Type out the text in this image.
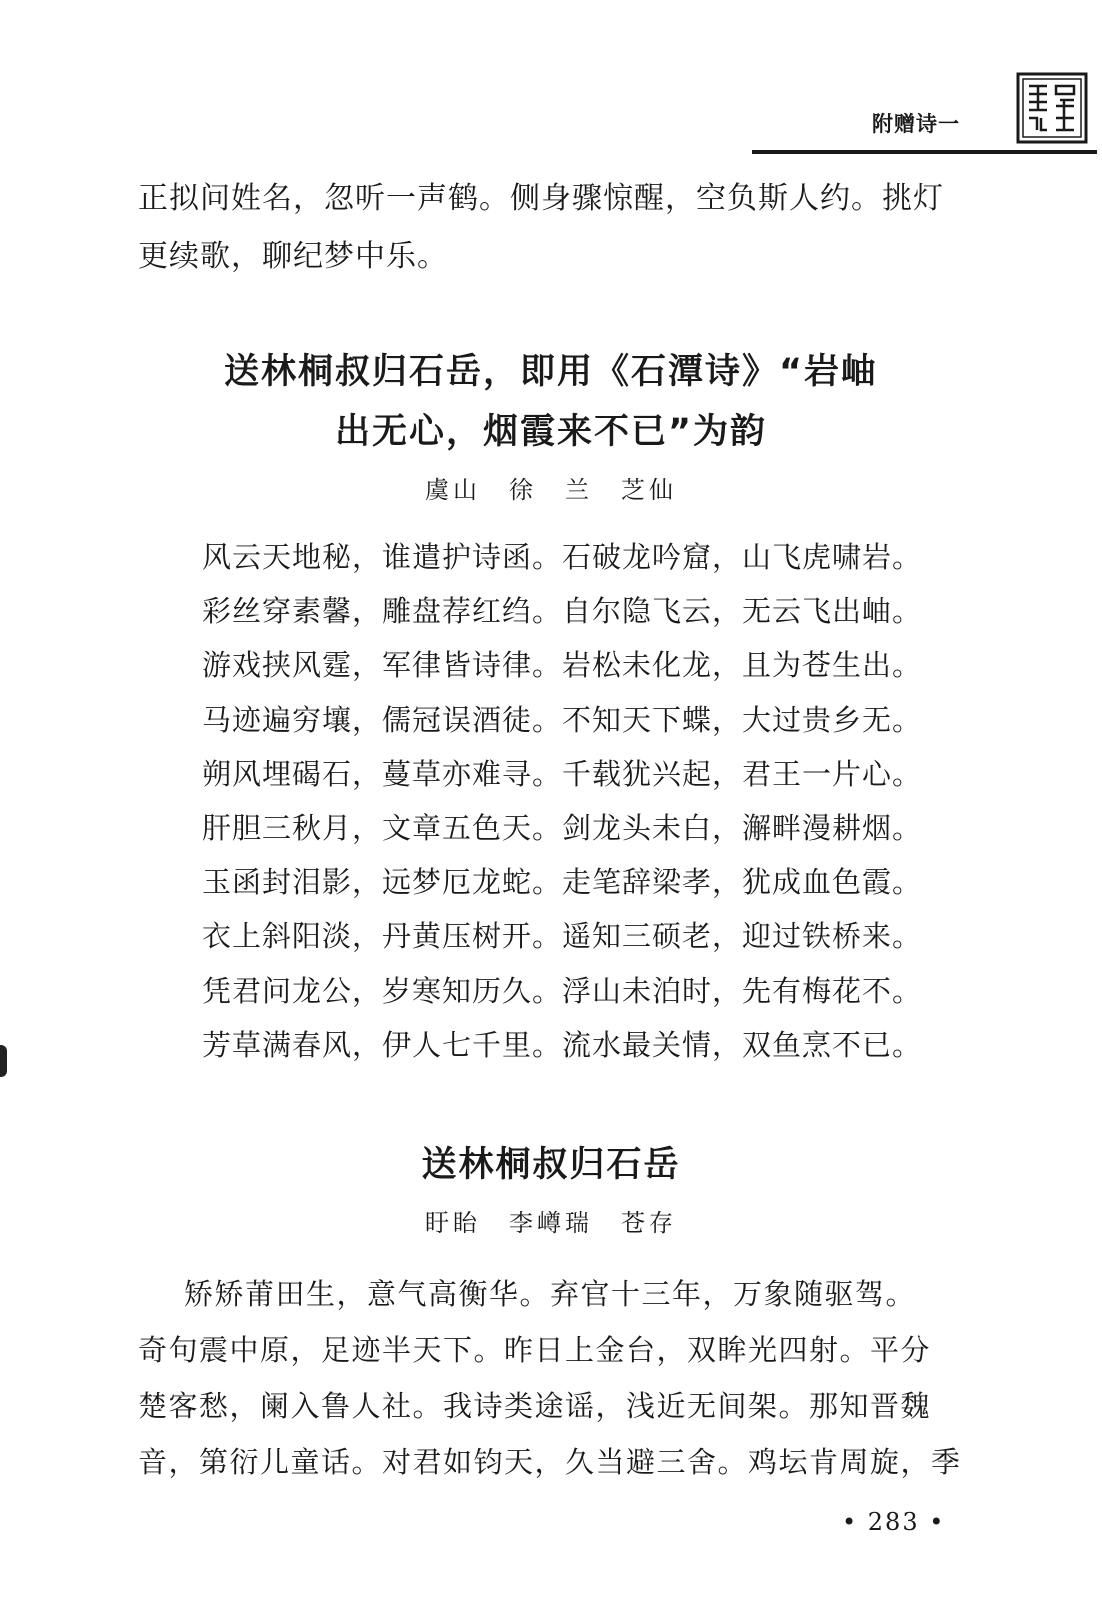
附赠诗一
正拟问姓名，忽听一声鹤。侧身骤惊醒，空负斯人约。挑灯
更续歌，聊纪梦中乐。
送林桐叔归石岳，即用《石潭诗》“岩岫
出无心，烟霞来不已”为韵
虞山 徐　兰 芝仙
风云天地秘，谁遣护诗函。石破龙吟窟，山飞虎啸岩。
彩丝穿素馨，雕盘荐红绉。自尔隐飞云，无云飞出岫。
游戏挟风霆，军律皆诗律。岩松未化龙，且为苍生出。
马迹遍穷壤，儒冠误酒徒。不知天下蝶，大过贵乡无。
朔风埋碣石，蔓草亦难寻。千载犹兴起，君王一片心。
肝胆三秋月，文章五色天。剑龙头未白，澥畔漫耕烟。
玉函封泪影，远梦厄龙蛇。走笔辞梁孝，犹成血色霞。
衣上斜阳淡，丹黄压树开。遥知三硕老，迎过铁桥来。
凭君问龙公，岁寒知历久。浮山未泊时，先有梅花不。
芳草满春风，伊人七千里。流水最关情，双鱼烹不已。
送林桐叔归石岳
盱眙 李嶟瑞 苍存
矫矫莆田生，意气高衡华。弃官十三年，万象随驱驾。
奇句震中原，足迹半天下。昨日上金台，双眸光四射。平分
楚客愁，阑入鲁人社。我诗类途谣，浅近无间架。那知晋魏
音，第衍儿童话。对君如钧天，久当避三舍。鸡坛肯周旋，季
• 283 •
